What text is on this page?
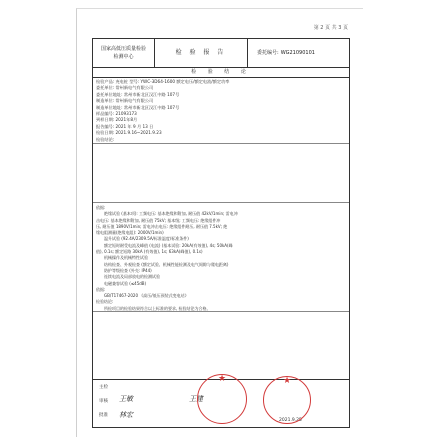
第 2 页 共 3 页
国家高低压质量检验
检测中心
检 验 报 告	委托编号: WG21090101
检 验 结 论
检验产品: 充电桩 型号: YWC-3D64-1600 额定电压/额定电流/额定功率
委托单位: 常州新电气有限公司
委托单位地址: 常州市新北区汉江中路 107号
制造单位: 常州新电气有限公司
制造单位地址: 常州市新北区汉江中路 107号
样品编号: 21093173
到样日期: 2021年8月
报告编号: 2021 年 9 月 13 日
检验日期: 2021.9.16~2021.9.23
检验结论:
依据:
绝缘试验 (基本项): 工频电压: 基本绝缘和附加, 耐压值 42kV/1min; 雷电冲
击电压: 基本绝缘和附加, 耐压值 75kV; 基本级; 工频电压: 绝缘组件冲
压, 耐压值 1890V/1min; 雷电冲击电压: 绝缘组件耐压, 耐压值 7.5kV; 绝
缘电阻测量(绝缘电阻): 2000V/1min)
温升试验 (92.4A/2309.5A/标准温度/标准条件)
额定短时耐受电流及峰值 (电流) (基本试验: 20kA(有效值), 4s; 50kA(峰
值), 0.1s; 额定短路 30kA (有效值), 1s; 63kA(峰值), 0.1s)
机械操作及机械特性试验
结构检查、外观检查 (额定试验、机械性能检测及电气间隙与爬电距离)
防护等级检查 (外壳: IP44)
连续电流及局部放电的检测试验
电磁兼容试验 (≤45dB)
依据:
GB/T17467-2020 《高压/低压预装式变电站》
检验结论:
所检项目的检验结果符合以上标准的要求, 检验结论为合格。
主检
审核
批准
王敏	王建
林宏
2021.9.25
★	★
